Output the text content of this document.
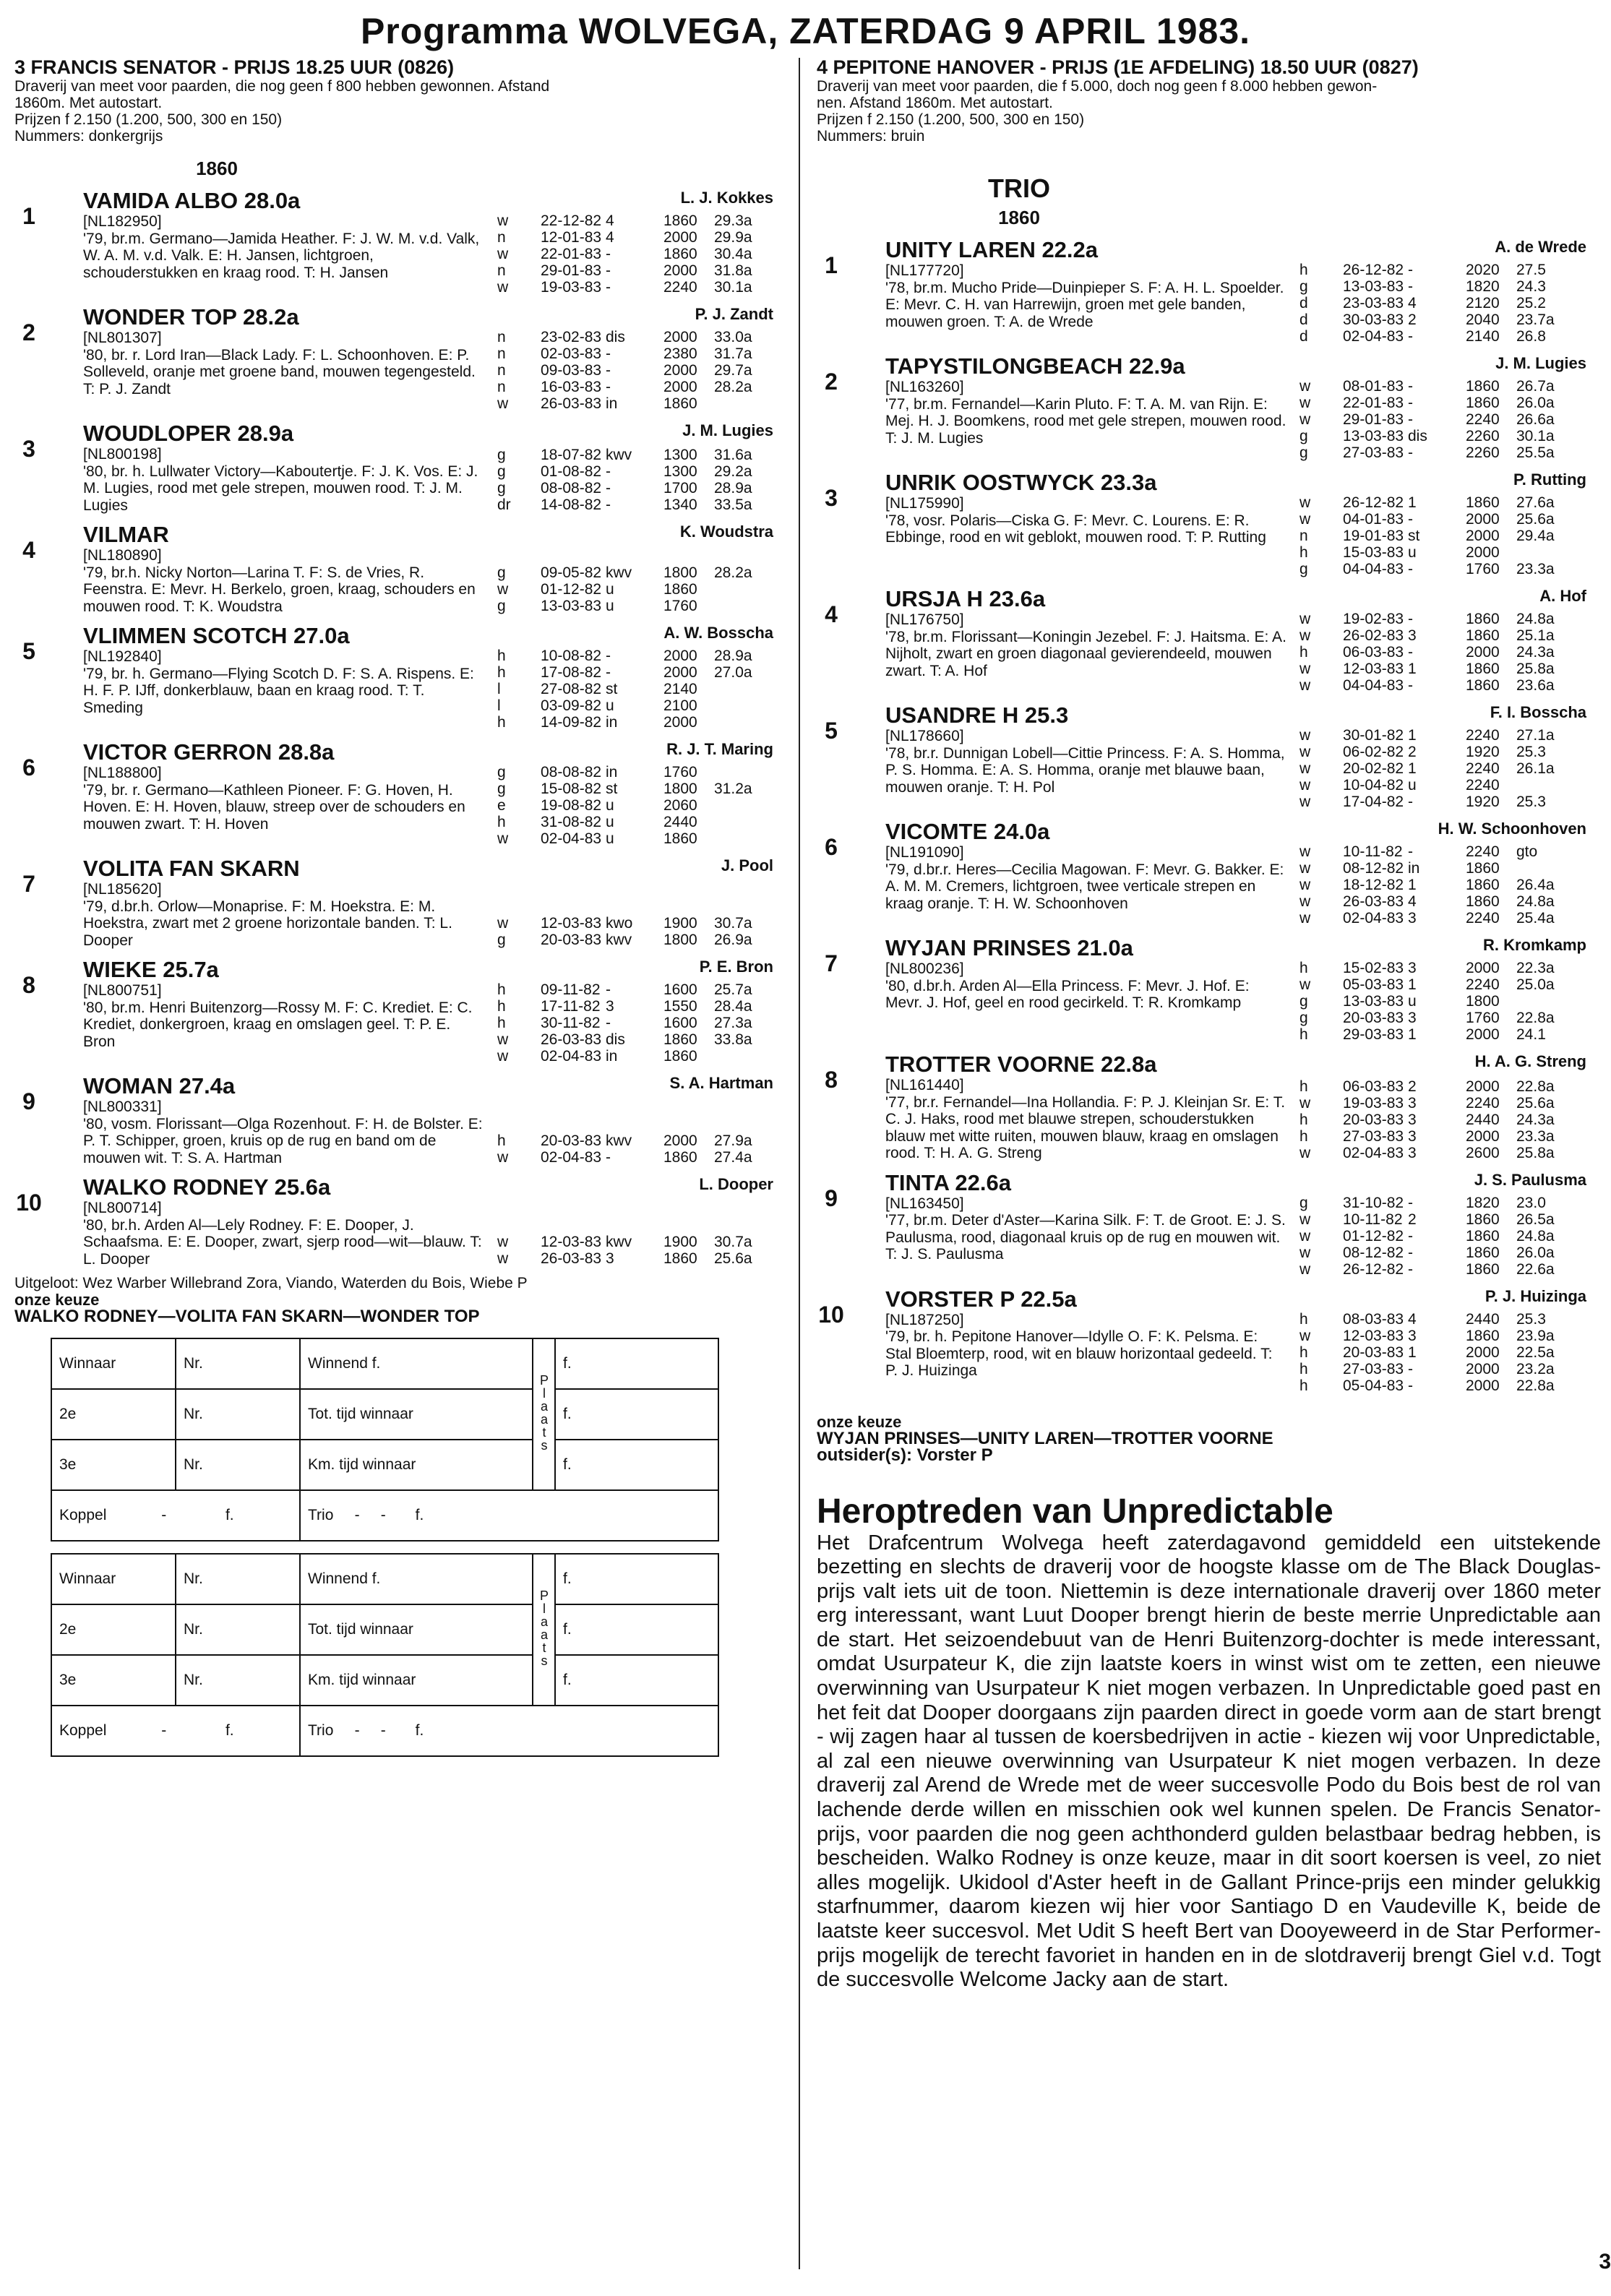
Programma WOLVEGA, ZATERDAG 9 APRIL 1983.
3 FRANCIS SENATOR - PRIJS 18.25 UUR (0826)
Draverij van meet voor paarden, die nog geen f 800 hebben gewonnen. Afstand
1860m. Met autostart.
Prijzen f 2.150 (1.200, 500, 300 en 150)
Nummers: donkergrijs
1860
1
VAMIDA ALBO 28.0a	L. J. Kokkes
[NL182950]
'79, br.m. Germano—Jamida Heather. F: J. W. M. v.d. Valk, W. A. M. v.d. Valk. E: H. Jansen, lichtgroen, schouderstukken en kraag rood. T: H. Jansen
w	22-12-82 4	1860	29.3a
n	12-01-83 4	2000	29.9a
w	22-01-83 -	1860	30.4a
n	29-01-83 -	2000	31.8a
w	19-03-83 -	2240	30.1a
2
WONDER TOP 28.2a	P. J. Zandt
[NL801307]
'80, br. r. Lord Iran—Black Lady. F: L. Schoonhoven. E: P. Solleveld, oranje met groene band, mouwen tegengesteld. T: P. J. Zandt
n	23-02-83 dis	2000	33.0a
n	02-03-83 -	2380	31.7a
n	09-03-83 -	2000	29.7a
n	16-03-83 -	2000	28.2a
w	26-03-83 in	1860
3
WOUDLOPER 28.9a	J. M. Lugies
[NL800198]
'80, br. h. Lullwater Victory—Kaboutertje. F: J. K. Vos. E: J. M. Lugies, rood met gele strepen, mouwen rood. T: J. M. Lugies
g	18-07-82 kwv	1300	31.6a
g	01-08-82 -	1300	29.2a
g	08-08-82 -	1700	28.9a
dr	14-08-82 -	1340	33.5a
4
VILMAR	K. Woudstra
[NL180890]
'79, br.h. Nicky Norton—Larina T. F: S. de Vries, R. Feenstra. E: Mevr. H. Berkelo, groen, kraag, schouders en mouwen rood. T: K. Woudstra
g	09-05-82 kwv	1800	28.2a
w	01-12-82 u	1860
g	13-03-83 u	1760
5
VLIMMEN SCOTCH 27.0a	A. W. Bosscha
[NL192840]
'79, br. h. Germano—Flying Scotch D. F: S. A. Rispens. E: H. F. P. IJff, donkerblauw, baan en kraag rood. T: T. Smeding
h	10-08-82 -	2000	28.9a
h	17-08-82 -	2000	27.0a
l	27-08-82 st	2140
l	03-09-82 u	2100
h	14-09-82 in	2000
6
VICTOR GERRON 28.8a	R. J. T. Maring
[NL188800]
'79, br. r. Germano—Kathleen Pioneer. F: G. Hoven, H. Hoven. E: H. Hoven, blauw, streep over de schouders en mouwen zwart. T: H. Hoven
g	08-08-82 in	1760
g	15-08-82 st	1800	31.2a
e	19-08-82 u	2060
h	31-08-82 u	2440
w	02-04-83 u	1860
7
VOLITA FAN SKARN	J. Pool
[NL185620]
'79, d.br.h. Orlow—Monaprise. F: M. Hoekstra. E: M. Hoekstra, zwart met 2 groene horizontale banden. T: L. Dooper
w	12-03-83 kwo	1900	30.7a
g	20-03-83 kwv	1800	26.9a
8
WIEKE 25.7a	P. E. Bron
[NL800751]
'80, br.m. Henri Buitenzorg—Rossy M. F: C. Krediet. E: C. Krediet, donkergroen, kraag en omslagen geel. T: P. E. Bron
h	09-11-82 -	1600	25.7a
h	17-11-82 3	1550	28.4a
h	30-11-82 -	1600	27.3a
w	26-03-83 dis	1860	33.8a
w	02-04-83 in	1860
9
WOMAN 27.4a	S. A. Hartman
[NL800331]
'80, vosm. Florissant—Olga Rozenhout. F: H. de Bolster. E: P. T. Schipper, groen, kruis op de rug en band om de mouwen wit. T: S. A. Hartman
h	20-03-83 kwv	2000	27.9a
w	02-04-83 -	1860	27.4a
10
WALKO RODNEY 25.6a	L. Dooper
[NL800714]
'80, br.h. Arden Al—Lely Rodney. F: E. Dooper, J. Schaafsma. E: E. Dooper, zwart, sjerp rood—wit—blauw. T: L. Dooper
w	12-03-83 kwv	1900	30.7a
w	26-03-83 3	1860	25.6a
Uitgeloot: Wez Warber Willebrand Zora, Viando, Waterden du Bois, Wiebe P
onze keuze
WALKO RODNEY—VOLITA FAN SKARN—WONDER TOP
Winnaar	Nr.	Winnend f.	Plaats	f.
2e	Nr.	Tot. tijd winnaar		f.
3e	Nr.	Km. tijd winnaar		f.
Koppel - f.		Trio - - f.		
Winnaar	Nr.	Winnend f.	Plaats	f.
2e	Nr.	Tot. tijd winnaar		f.
3e	Nr.	Km. tijd winnaar		f.
Koppel - f.		Trio - - f.		
4 PEPITONE HANOVER - PRIJS (1E AFDELING) 18.50 UUR (0827)
Draverij van meet voor paarden, die f 5.000, doch nog geen f 8.000 hebben gewon-
nen. Afstand 1860m. Met autostart.
Prijzen f 2.150 (1.200, 500, 300 en 150)
Nummers: bruin
TRIO
1860
1
UNITY LAREN 22.2a	A. de Wrede
[NL177720]
'78, br.m. Mucho Pride—Duinpieper S. F: A. H. L. Spoelder. E: Mevr. C. H. van Harrewijn, groen met gele banden, mouwen groen. T: A. de Wrede
h	26-12-82 -	2020	27.5
g	13-03-83 -	1820	24.3
d	23-03-83 4	2120	25.2
d	30-03-83 2	2040	23.7a
d	02-04-83 -	2140	26.8
2
TAPYSTILONGBEACH 22.9a	J. M. Lugies
[NL163260]
'77, br.m. Fernandel—Karin Pluto. F: T. A. M. van Rijn. E: Mej. H. J. Boomkens, rood met gele strepen, mouwen rood. T: J. M. Lugies
w	08-01-83 -	1860	26.7a
w	22-01-83 -	1860	26.0a
w	29-01-83 -	2240	26.6a
g	13-03-83 dis	2260	30.1a
g	27-03-83 -	2260	25.5a
3
UNRIK OOSTWYCK 23.3a	P. Rutting
[NL175990]
'78, vosr. Polaris—Ciska G. F: Mevr. C. Lourens. E: R. Ebbinge, rood en wit geblokt, mouwen rood. T: P. Rutting
w	26-12-82 1	1860	27.6a
w	04-01-83 -	2000	25.6a
n	19-01-83 st	2000	29.4a
h	15-03-83 u	2000
g	04-04-83 -	1760	23.3a
4
URSJA H 23.6a	A. Hof
[NL176750]
'78, br.m. Florissant—Koningin Jezebel. F: J. Haitsma. E: A. Nijholt, zwart en groen diagonaal gevierendeeld, mouwen zwart. T: A. Hof
w	19-02-83 -	1860	24.8a
w	26-02-83 3	1860	25.1a
h	06-03-83 -	2000	24.3a
w	12-03-83 1	1860	25.8a
w	04-04-83 -	1860	23.6a
5
USANDRE H 25.3	F. I. Bosscha
[NL178660]
'78, br.r. Dunnigan Lobell—Cittie Princess. F: A. S. Homma, P. S. Homma. E: A. S. Homma, oranje met blauwe baan, mouwen oranje. T: H. Pol
w	30-01-82 1	2240	27.1a
w	06-02-82 2	1920	25.3
w	20-02-82 1	2240	26.1a
w	10-04-82 u	2240
w	17-04-82 -	1920	25.3
6
VICOMTE 24.0a	H. W. Schoonhoven
[NL191090]
'79, d.br.r. Heres—Cecilia Magowan. F: Mevr. G. Bakker. E: A. M. M. Cremers, lichtgroen, twee verticale strepen en kraag oranje. T: H. W. Schoonhoven
w	10-11-82 -	2240	gto
w	08-12-82 in	1860
w	18-12-82 1	1860	26.4a
w	26-03-83 4	1860	24.8a
w	02-04-83 3	2240	25.4a
7
WYJAN PRINSES 21.0a	R. Kromkamp
[NL800236]
'80, d.br.h. Arden Al—Ella Princess. F: Mevr. J. Hof. E: Mevr. J. Hof, geel en rood gecirkeld. T: R. Kromkamp
h	15-02-83 3	2000	22.3a
w	05-03-83 1	2240	25.0a
g	13-03-83 u	1800
g	20-03-83 3	1760	22.8a
h	29-03-83 1	2000	24.1
8
TROTTER VOORNE 22.8a	H. A. G. Streng
[NL161440]
'77, br.r. Fernandel—Ina Hollandia. F: P. J. Kleinjan Sr. E: T. C. J. Haks, rood met blauwe strepen, schouderstukken blauw met witte ruiten, mouwen blauw, kraag en omslagen rood. T: H. A. G. Streng
h	06-03-83 2	2000	22.8a
w	19-03-83 3	2240	25.6a
h	20-03-83 3	2440	24.3a
h	27-03-83 3	2000	23.3a
w	02-04-83 3	2600	25.8a
9
TINTA 22.6a	J. S. Paulusma
[NL163450]
'77, br.m. Deter d'Aster—Karina Silk. F: T. de Groot. E: J. S. Paulusma, rood, diagonaal kruis op de rug en mouwen wit. T: J. S. Paulusma
g	31-10-82 -	1820	23.0
w	10-11-82 2	1860	26.5a
w	01-12-82 -	1860	24.8a
w	08-12-82 -	1860	26.0a
w	26-12-82 -	1860	22.6a
10
VORSTER P 22.5a	P. J. Huizinga
[NL187250]
'79, br. h. Pepitone Hanover—Idylle O. F: K. Pelsma. E: Stal Bloemterp, rood, wit en blauw horizontaal gedeeld. T: P. J. Huizinga
h	08-03-83 4	2440	25.3
w	12-03-83 3	1860	23.9a
h	20-03-83 1	2000	22.5a
h	27-03-83 -	2000	23.2a
h	05-04-83 -	2000	22.8a
onze keuze
WYJAN PRINSES—UNITY LAREN—TROTTER VOORNE
outsider(s): Vorster P
Heroptreden van Unpredictable
Het Drafcentrum Wolvega heeft zaterdagavond gemiddeld een uitstekende bezetting en slechts de draverij voor de hoogste klasse om de The Black Douglas-prijs valt iets uit de toon. Niettemin is deze internationale draverij over 1860 meter erg interessant, want Luut Dooper brengt hierin de beste merrie Unpredictable aan de start. Het seizoendebuut van de Henri Buitenzorg-dochter is mede interessant, omdat Usurpateur K, die zijn laatste koers in winst wist om te zetten, een nieuwe overwinning van Usurpateur K niet mogen verbazen. In Unpredictable goed past en het feit dat Dooper doorgaans zijn paarden direct in goede vorm aan de start brengt - wij zagen haar al tussen de koersbedrijven in actie - kiezen wij voor Unpredictable, al zal een nieuwe overwinning van Usurpateur K niet mogen verbazen. In deze draverij zal Arend de Wrede met de weer succesvolle Podo du Bois best de rol van lachende derde willen en misschien ook wel kunnen spelen. De Francis Senator-prijs, voor paarden die nog geen achthonderd gulden belastbaar bedrag hebben, is bescheiden. Walko Rodney is onze keuze, maar in dit soort koersen is veel, zo niet alles mogelijk. Ukidool d'Aster heeft in de Gallant Prince-prijs een minder gelukkig starfnummer, daarom kiezen wij hier voor Santiago D en Vaudeville K, beide de laatste keer succesvol. Met Udit S heeft Bert van Dooyeweerd in de Star Performer-prijs mogelijk de terecht favoriet in handen en in de slotdraverij brengt Giel v.d. Togt de succesvolle Welcome Jacky aan de start.
3
